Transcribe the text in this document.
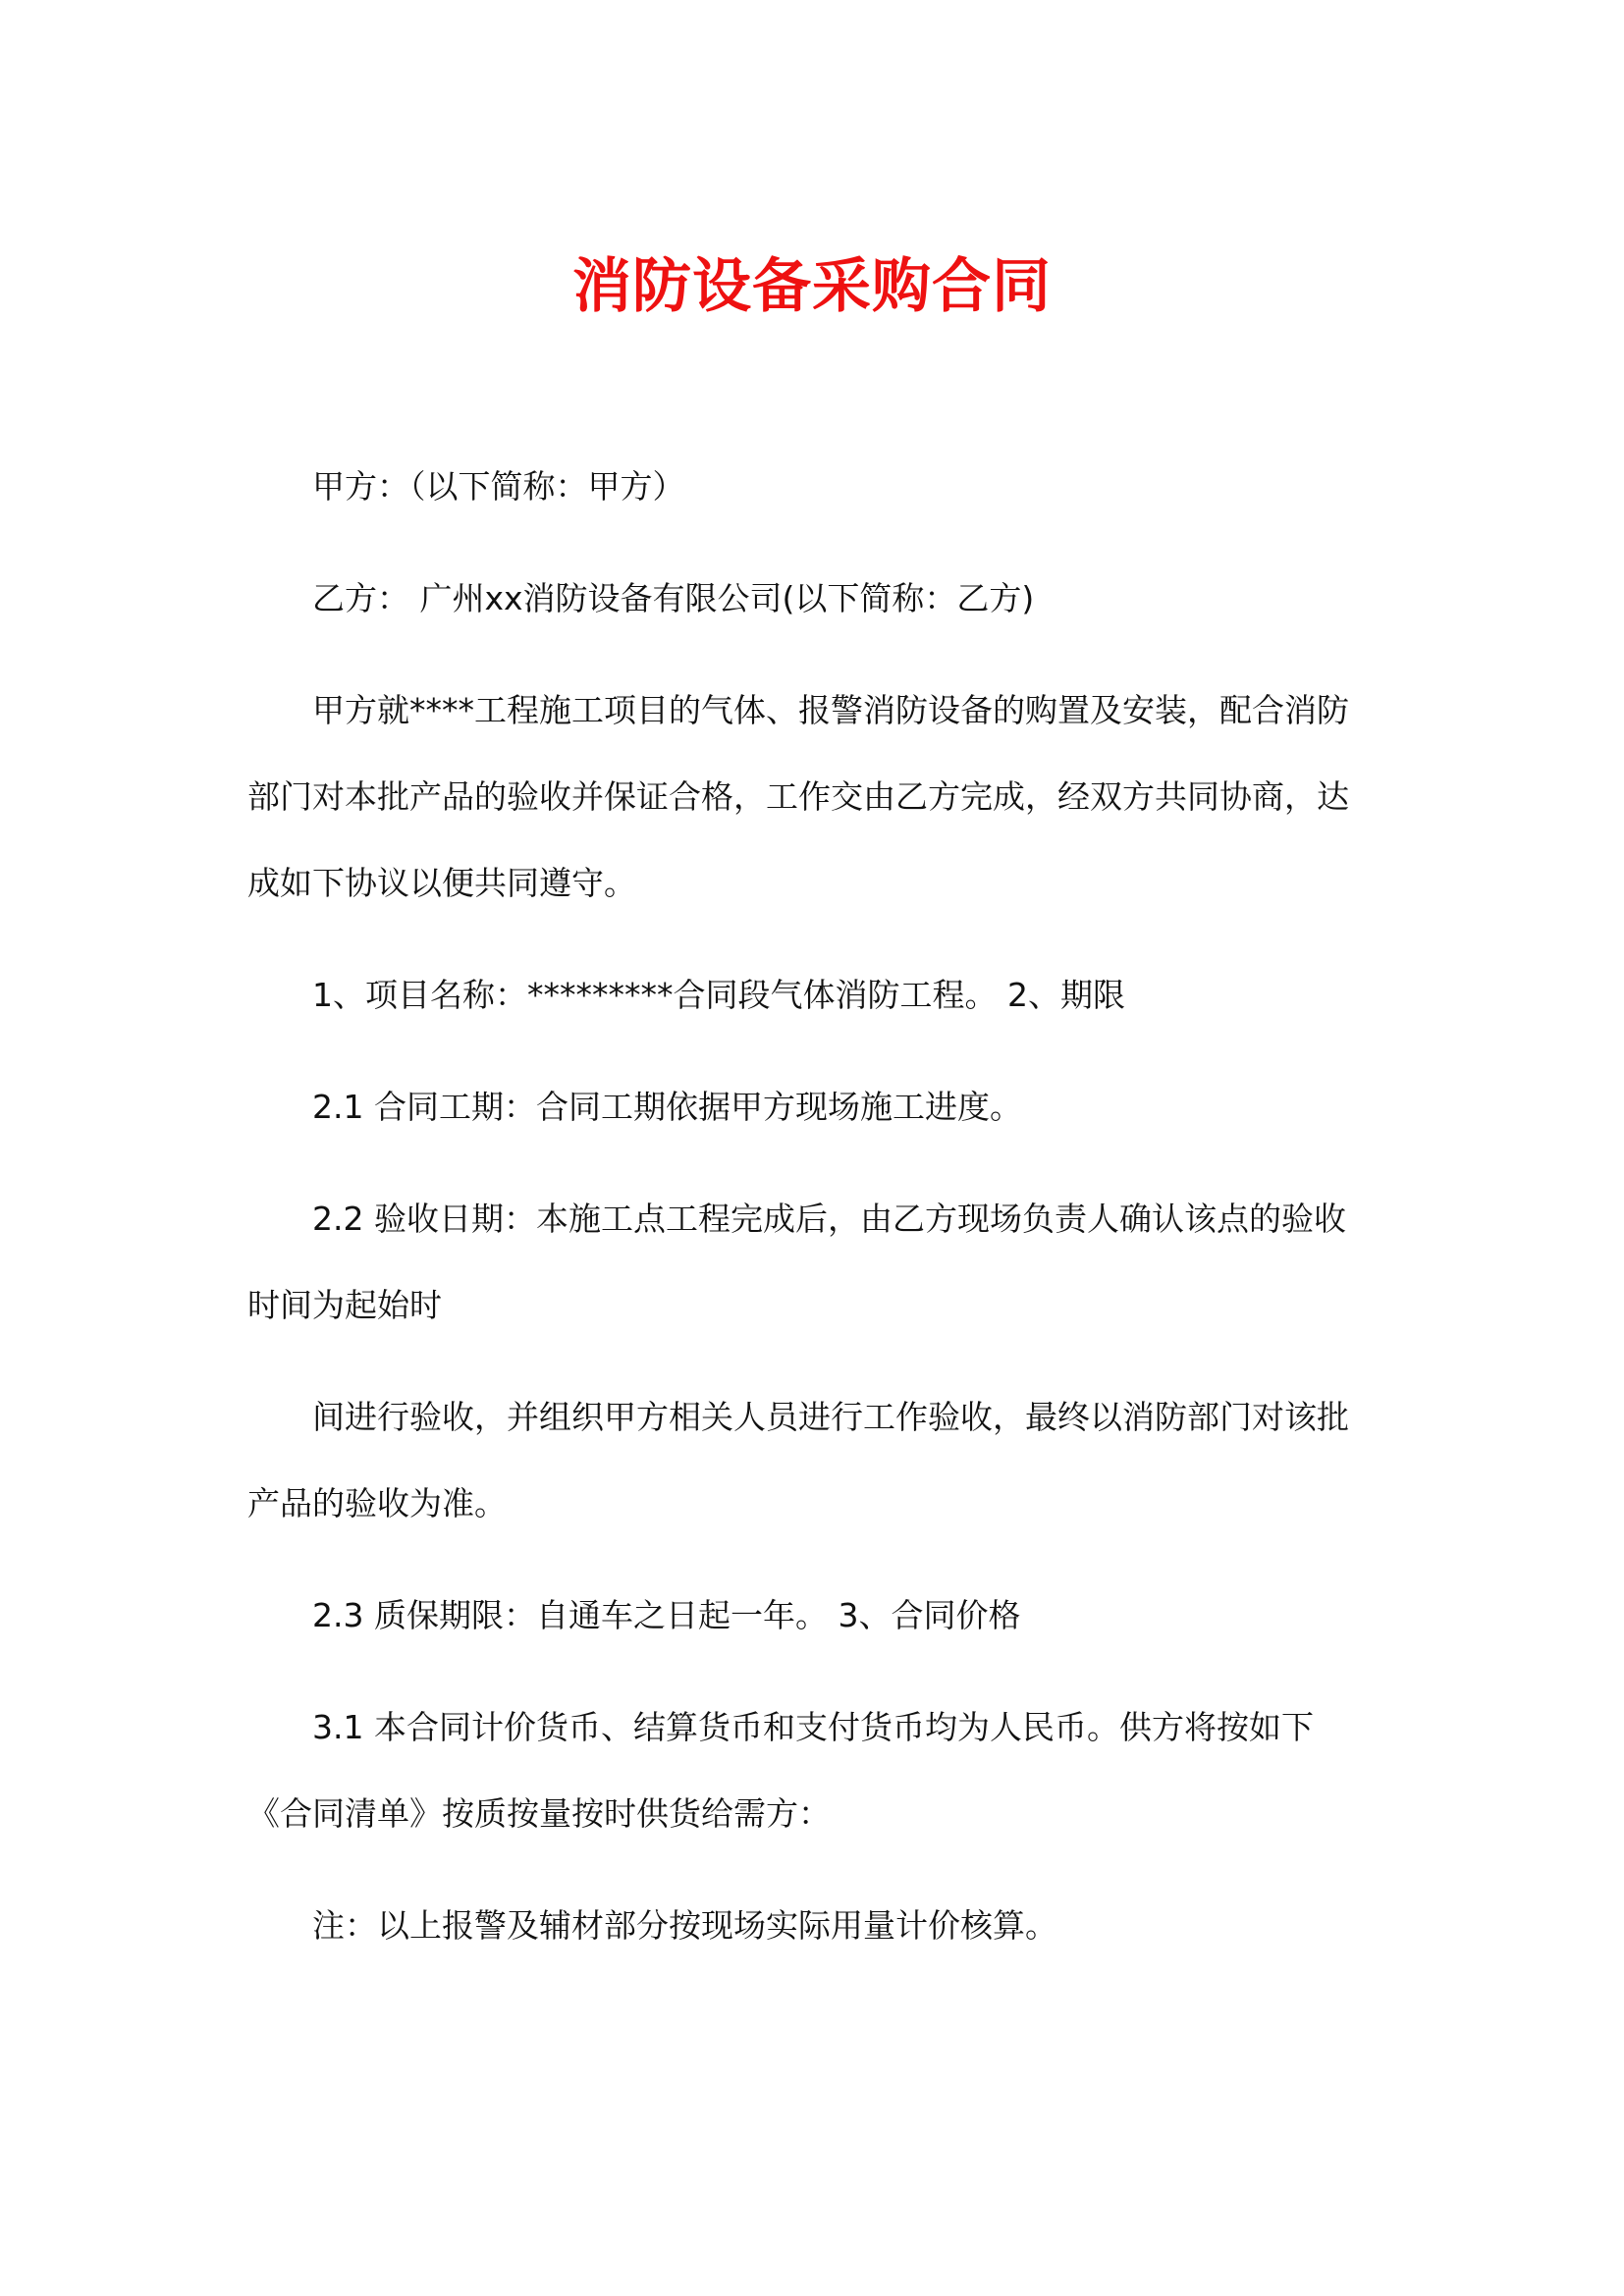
消防设备采购合同

甲方：（以下简称：甲方）

乙方： 广州xx消防设备有限公司(以下简称：乙方)

甲方就****工程施工项目的气体、报警消防设备的购置及安装，配合消防部门对本批产品的验收并保证合格，工作交由乙方完成，经双方共同协商，达成如下协议以便共同遵守。

1、项目名称：*********合同段气体消防工程。 2、期限

2.1 合同工期：合同工期依据甲方现场施工进度。

2.2 验收日期：本施工点工程完成后，由乙方现场负责人确认该点的验收时间为起始时

间进行验收，并组织甲方相关人员进行工作验收，最终以消防部门对该批产品的验收为准。

2.3 质保期限：自通车之日起一年。 3、合同价格

3.1 本合同计价货币、结算货币和支付货币均为人民币。供方将按如下《合同清单》按质按量按时供货给需方：

注：以上报警及辅材部分按现场实际用量计价核算。
